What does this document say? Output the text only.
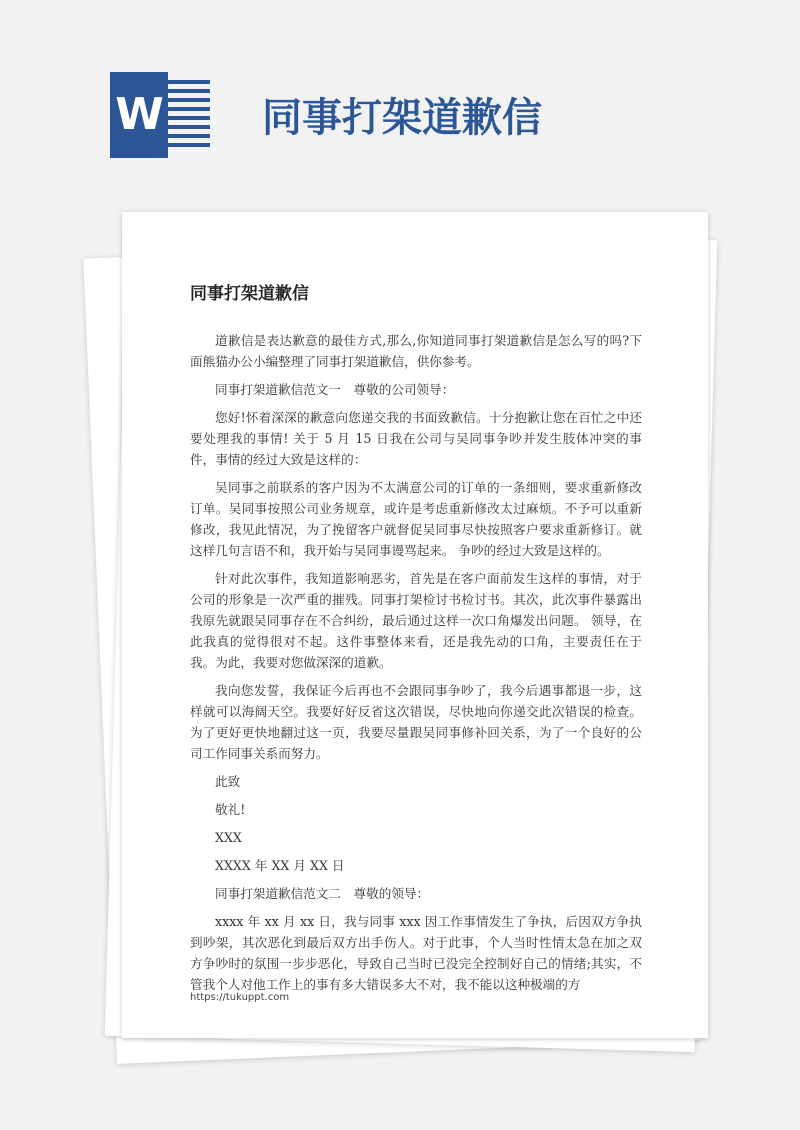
W 同事打架道歉信
同事打架道歉信

道歉信是表达歉意的最佳方式,那么,你知道同事打架道歉信是怎么写的吗?下面熊猫办公小编整理了同事打架道歉信，供你参考。

同事打架道歉信范文一　尊敬的公司领导：

您好!怀着深深的歉意向您递交我的书面致歉信。十分抱歉让您在百忙之中还要处理我的事情! 关于 5 月 15 日我在公司与吴同事争吵并发生肢体冲突的事件，事情的经过大致是这样的：

吴同事之前联系的客户因为不太满意公司的订单的一条细则，要求重新修改订单。吴同事按照公司业务规章，或许是考虑重新修改太过麻烦。不予可以重新修改，我见此情况，为了挽留客户就督促吴同事尽快按照客户要求重新修订。就这样几句言语不和，我开始与吴同事谩骂起来。 争吵的经过大致是这样的。

针对此次事件，我知道影响恶劣，首先是在客户面前发生这样的事情，对于公司的形象是一次严重的摧残。同事打架检讨书检讨书。其次，此次事件暴露出我原先就跟吴同事存在不合纠纷，最后通过这样一次口角爆发出问题。 领导，在此我真的觉得很对不起。这件事整体来看，还是我先动的口角，主要责任在于我。为此，我要对您做深深的道歉。

我向您发誓，我保证今后再也不会跟同事争吵了，我今后遇事都退一步，这样就可以海阔天空。我要好好反省这次错误，尽快地向你递交此次错误的检查。为了更好更快地翻过这一页，我要尽量跟吴同事修补回关系，为了一个良好的公司工作同事关系而努力。

此致

敬礼!

XXX

XXXX 年 XX 月 XX 日

同事打架道歉信范文二　尊敬的领导：

xxxx 年 xx 月 xx 日，我与同事 xxx 因工作事情发生了争执，后因双方争执到吵架，其次恶化到最后双方出手伤人。对于此事，个人当时性情太急在加之双方争吵时的氛围一步步恶化，导致自己当时已没完全控制好自己的情绪;其实，不管我个人对他工作上的事有多大错误多大不对，我不能以这种极端的方

https://tukuppt.com
